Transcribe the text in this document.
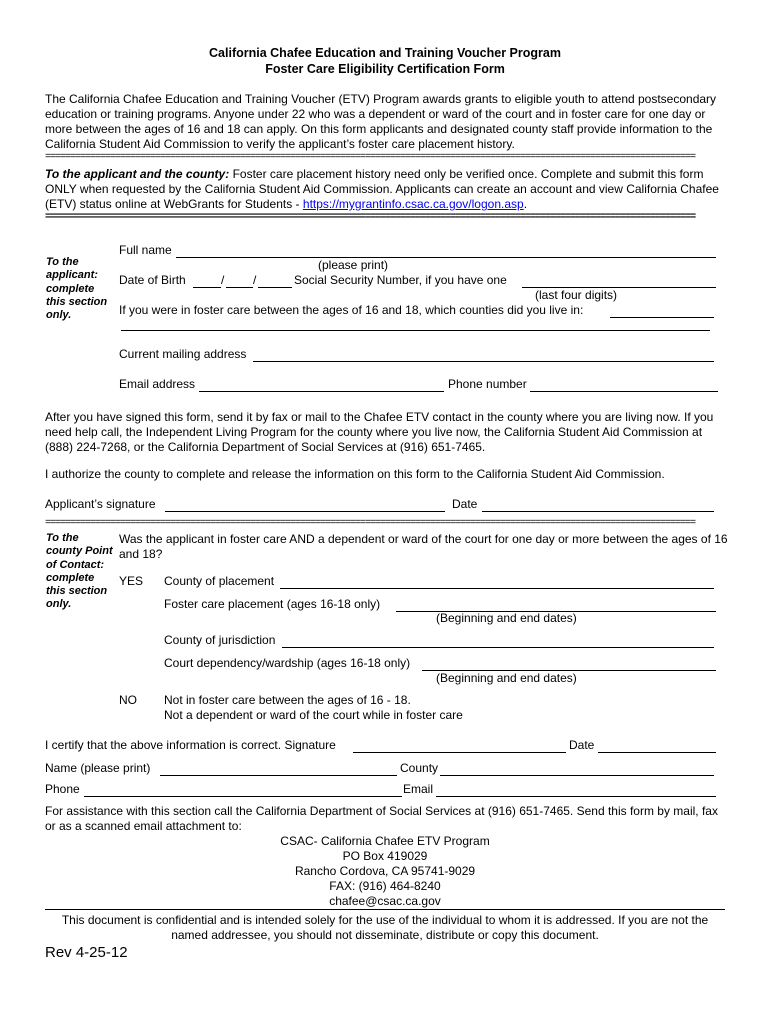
California Chafee Education and Training Voucher Program
Foster Care Eligibility Certification Form
The California Chafee Education and Training Voucher (ETV) Program awards grants to eligible youth to attend postsecondary education or training programs. Anyone under 22 who was a dependent or ward of the court and in foster care for one day or more between the ages of 16 and 18 can apply. On this form applicants and designated county staff provide information to the California Student Aid Commission to verify the applicant’s foster care placement history.
==================================================================================================================================
To the applicant and the county: Foster care placement history need only be verified once. Complete and submit this form ONLY when requested by the California Student Aid Commission. Applicants can create an account and view California Chafee (ETV) status online at WebGrants for Students - https://mygrantinfo.csac.ca.gov/logon.asp.
==================================================================================================================================
To the applicant: complete this section only.
Full name
(please print)
Date of Birth	/ /	Social Security Number, if you have one
(last four digits)
If you were in foster care between the ages of 16 and 18, which counties did you live in:
Current mailing address
Email address	Phone number
After you have signed this form, send it by fax or mail to the Chafee ETV contact in the county where you are living now. If you need help call, the Independent Living Program for the county where you live now, the California Student Aid Commission at (888) 224-7268, or the California Department of Social Services at (916) 651-7465.
I authorize the county to complete and release the information on this form to the California Student Aid Commission.
Applicant’s signature	Date
==================================================================================================================================
To the county Point of Contact: complete this section only.
Was the applicant in foster care AND a dependent or ward of the court for one day or more between the ages of 16 and 18?
YES County of placement
Foster care placement (ages 16-18 only)
(Beginning and end dates)
County of jurisdiction
Court dependency/wardship (ages 16-18 only)
(Beginning and end dates)
NO Not in foster care between the ages of 16 - 18.
Not a dependent or ward of the court while in foster care
I certify that the above information is correct. Signature	Date
Name (please print)	County
Phone	Email
For assistance with this section call the California Department of Social Services at (916) 651-7465. Send this form by mail, fax or as a scanned email attachment to:
CSAC- California Chafee ETV Program
PO Box 419029
Rancho Cordova, CA 95741-9029
FAX: (916) 464-8240
chafee@csac.ca.gov
This document is confidential and is intended solely for the use of the individual to whom it is addressed. If you are not the named addressee, you should not disseminate, distribute or copy this document.
Rev 4-25-12
